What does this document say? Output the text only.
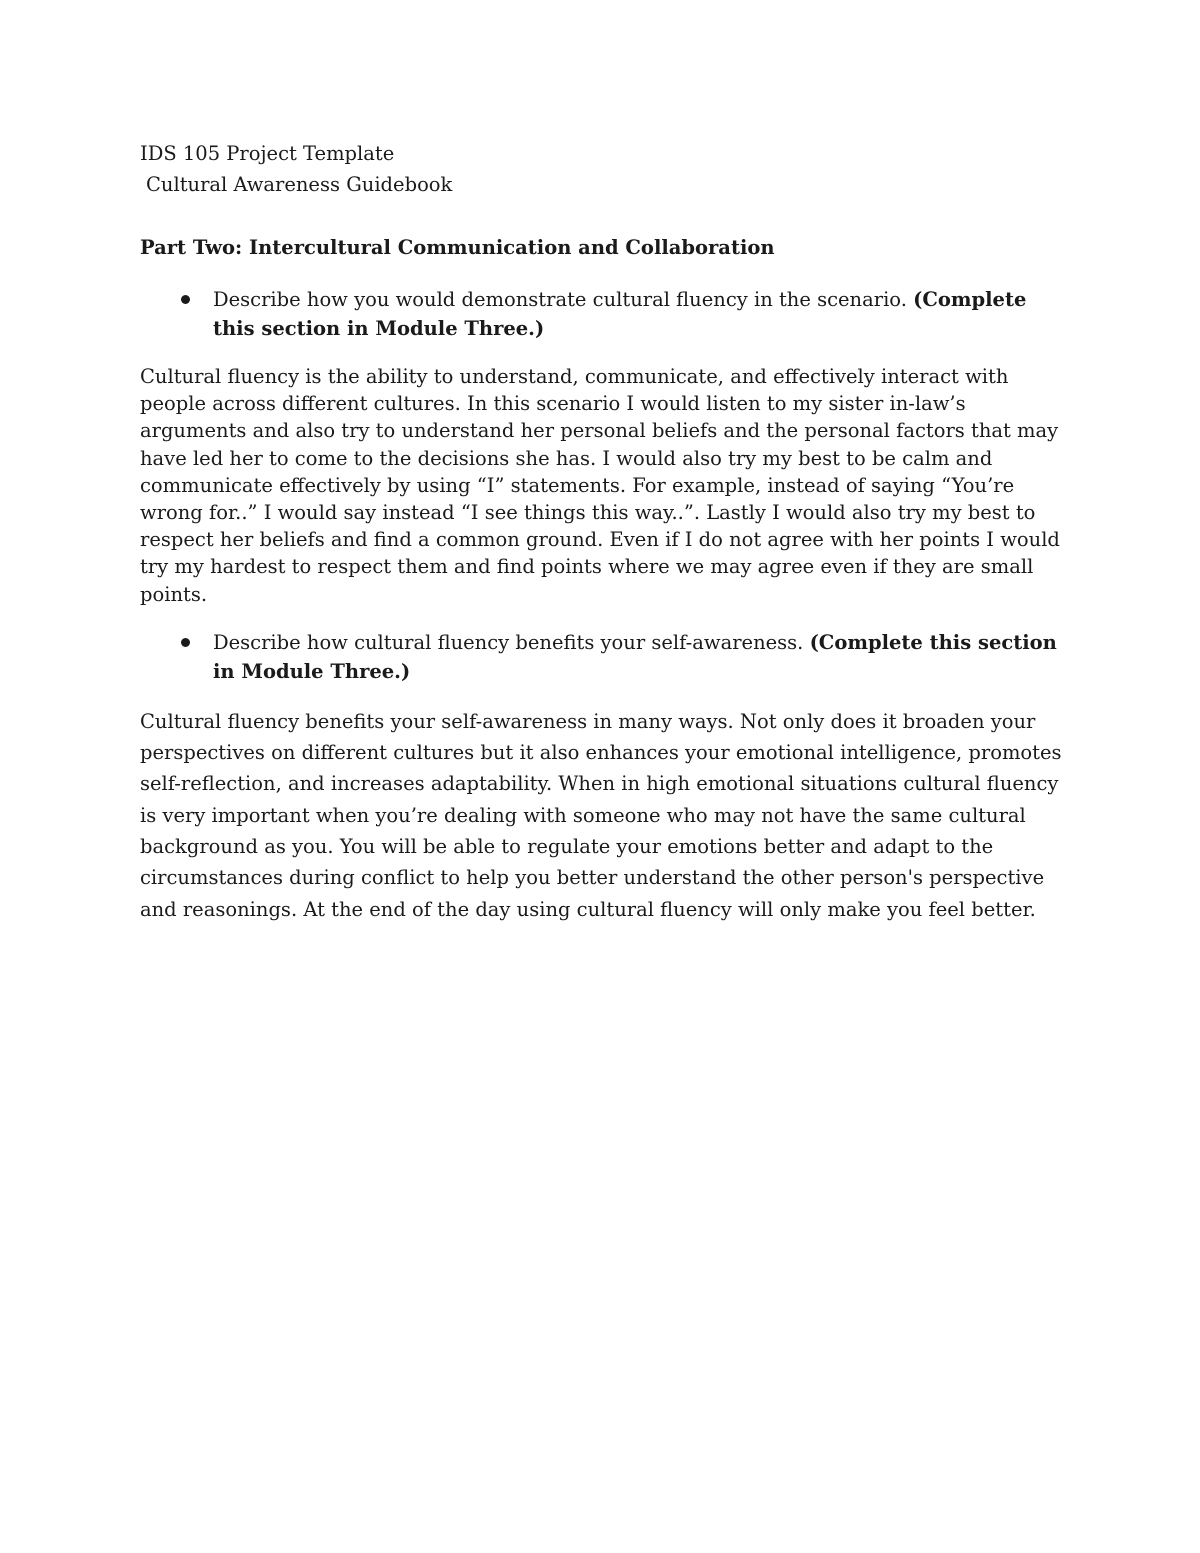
IDS 105 Project Template

Cultural Awareness Guidebook

Part Two: Intercultural Communication and Collaboration

Describe how you would demonstrate cultural fluency in the scenario. (Complete this section in Module Three.)

Cultural fluency is the ability to understand, communicate, and effectively interact with people across different cultures. In this scenario I would listen to my sister in-law’s arguments and also try to understand her personal beliefs and the personal factors that may have led her to come to the decisions she has. I would also try my best to be calm and communicate effectively by using “I” statements. For example, instead of saying “You’re wrong for..” I would say instead “I see things this way..”. Lastly I would also try my best to respect her beliefs and find a common ground. Even if I do not agree with her points I would try my hardest to respect them and find points where we may agree even if they are small points.

Describe how cultural fluency benefits your self-awareness. (Complete this section in Module Three.)

Cultural fluency benefits your self-awareness in many ways. Not only does it broaden your perspectives on different cultures but it also enhances your emotional intelligence, promotes self-reflection, and increases adaptability. When in high emotional situations cultural fluency is very important when you’re dealing with someone who may not have the same cultural background as you. You will be able to regulate your emotions better and adapt to the circumstances during conflict to help you better understand the other person's perspective and reasonings. At the end of the day using cultural fluency will only make you feel better.
